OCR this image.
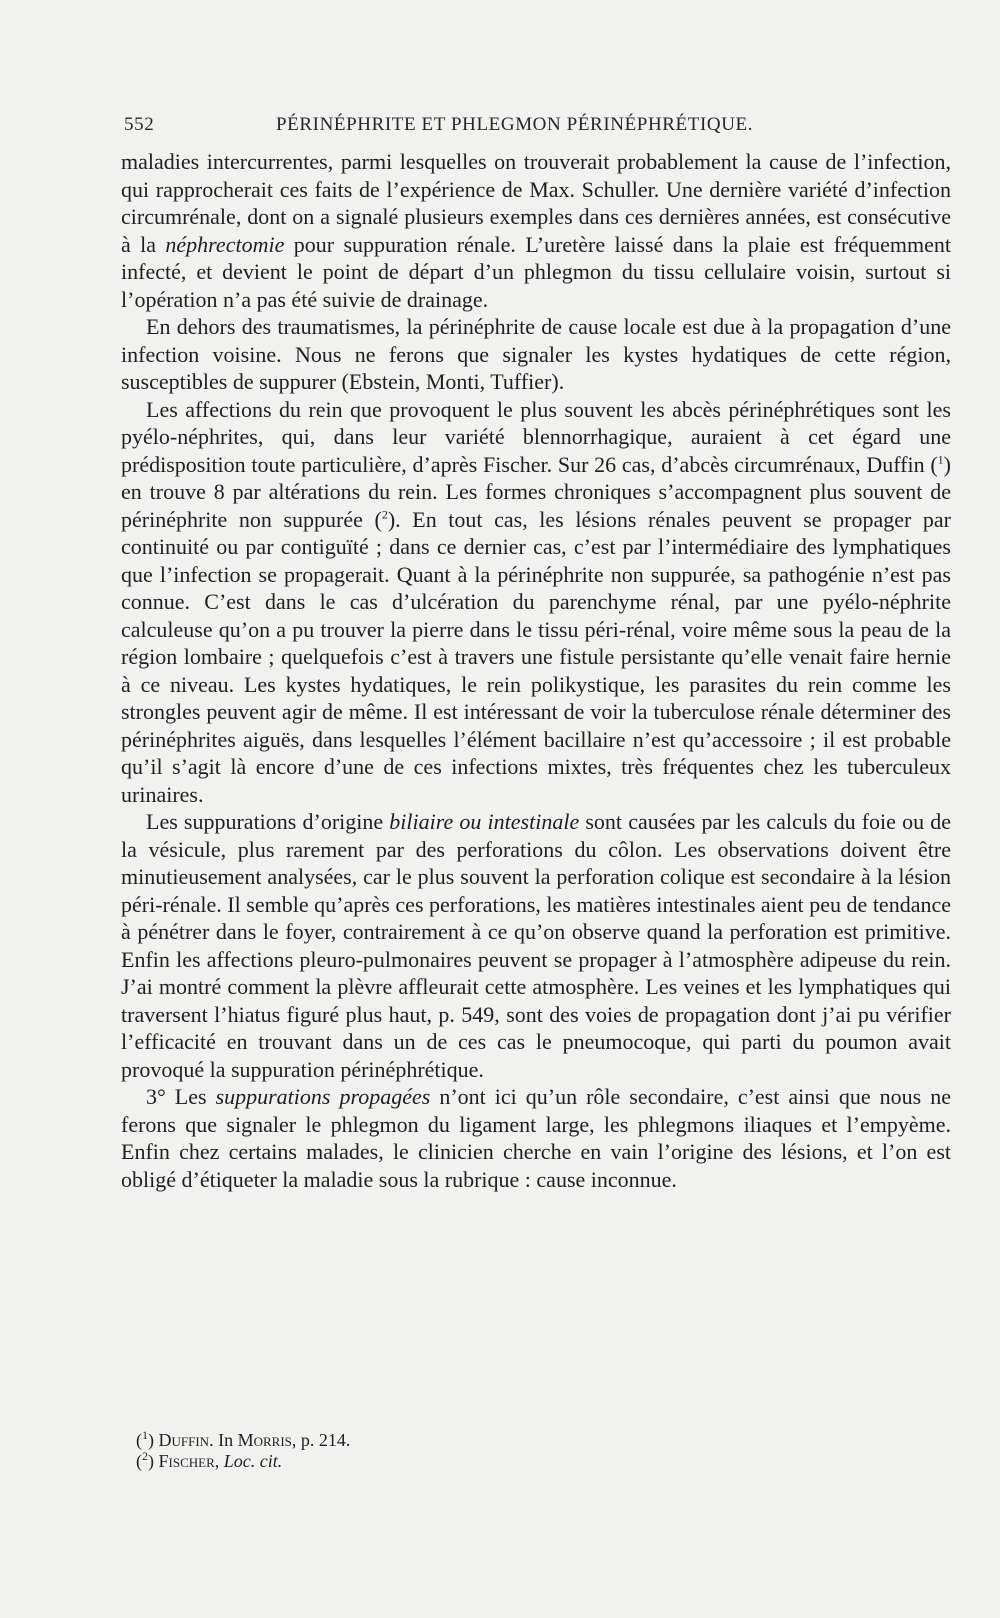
552	PÉRINÉPHRITE ET PHLEGMON PÉRINÉPHRÉTIQUE.

maladies intercurrentes, parmi lesquelles on trouverait probablement la cause de l’infection, qui rapprocherait ces faits de l’expérience de Max. Schuller. Une dernière variété d’infection circumrénale, dont on a signalé plusieurs exemples dans ces dernières années, est consécutive à la néphrectomie pour suppuration rénale. L’uretère laissé dans la plaie est fréquemment infecté, et devient le point de départ d’un phlegmon du tissu cellulaire voisin, surtout si l’opération n’a pas été suivie de drainage.

En dehors des traumatismes, la périnéphrite de cause locale est due à la propagation d’une infection voisine. Nous ne ferons que signaler les kystes hydatiques de cette région, susceptibles de suppurer (Ebstein, Monti, Tuffier).

Les affections du rein que provoquent le plus souvent les abcès périnéphrétiques sont les pyélo-néphrites, qui, dans leur variété blennorrhagique, auraient à cet égard une prédisposition toute particulière, d’après Fischer. Sur 26 cas, d’abcès circumrénaux, Duffin ($^1$) en trouve 8 par altérations du rein. Les formes chroniques s’accompagnent plus souvent de périnéphrite non suppurée ($^2$). En tout cas, les lésions rénales peuvent se propager par continuité ou par contiguïté ; dans ce dernier cas, c’est par l’intermédiaire des lymphatiques que l’infection se propagerait. Quant à la périnéphrite non suppurée, sa pathogénie n’est pas connue. C’est dans le cas d’ulcération du parenchyme rénal, par une pyélo-néphrite calculeuse qu’on a pu trouver la pierre dans le tissu péri-rénal, voire même sous la peau de la région lombaire ; quelquefois c’est à travers une fistule persistante qu’elle venait faire hernie à ce niveau. Les kystes hydatiques, le rein polikystique, les parasites du rein comme les strongles peuvent agir de même. Il est intéressant de voir la tuberculose rénale déterminer des périnéphrites aiguës, dans lesquelles l’élément bacillaire n’est qu’accessoire ; il est probable qu’il s’agit là encore d’une de ces infections mixtes, très fréquentes chez les tuberculeux urinaires.

Les suppurations d’origine biliaire ou intestinale sont causées par les calculs du foie ou de la vésicule, plus rarement par des perforations du côlon. Les observations doivent être minutieusement analysées, car le plus souvent la perforation colique est secondaire à la lésion péri-rénale. Il semble qu’après ces perforations, les matières intestinales aient peu de tendance à pénétrer dans le foyer, contrairement à ce qu’on observe quand la perforation est primitive. Enfin les affections pleuro-pulmonaires peuvent se propager à l’atmosphère adipeuse du rein. J’ai montré comment la plèvre affleurait cette atmosphère. Les veines et les lymphatiques qui traversent l’hiatus figuré plus haut, p. 549, sont des voies de propagation dont j’ai pu vérifier l’efficacité en trouvant dans un de ces cas le pneumocoque, qui parti du poumon avait provoqué la suppuration périnéphrétique.

3° Les suppurations propagées n’ont ici qu’un rôle secondaire, c’est ainsi que nous ne ferons que signaler le phlegmon du ligament large, les phlegmons iliaques et l’empyème. Enfin chez certains malades, le clinicien cherche en vain l’origine des lésions, et l’on est obligé d’étiqueter la maladie sous la rubrique : cause inconnue.

($^1$) Duffin. In Morris, p. 214.
($^2$) Fischer, Loc. cit.
